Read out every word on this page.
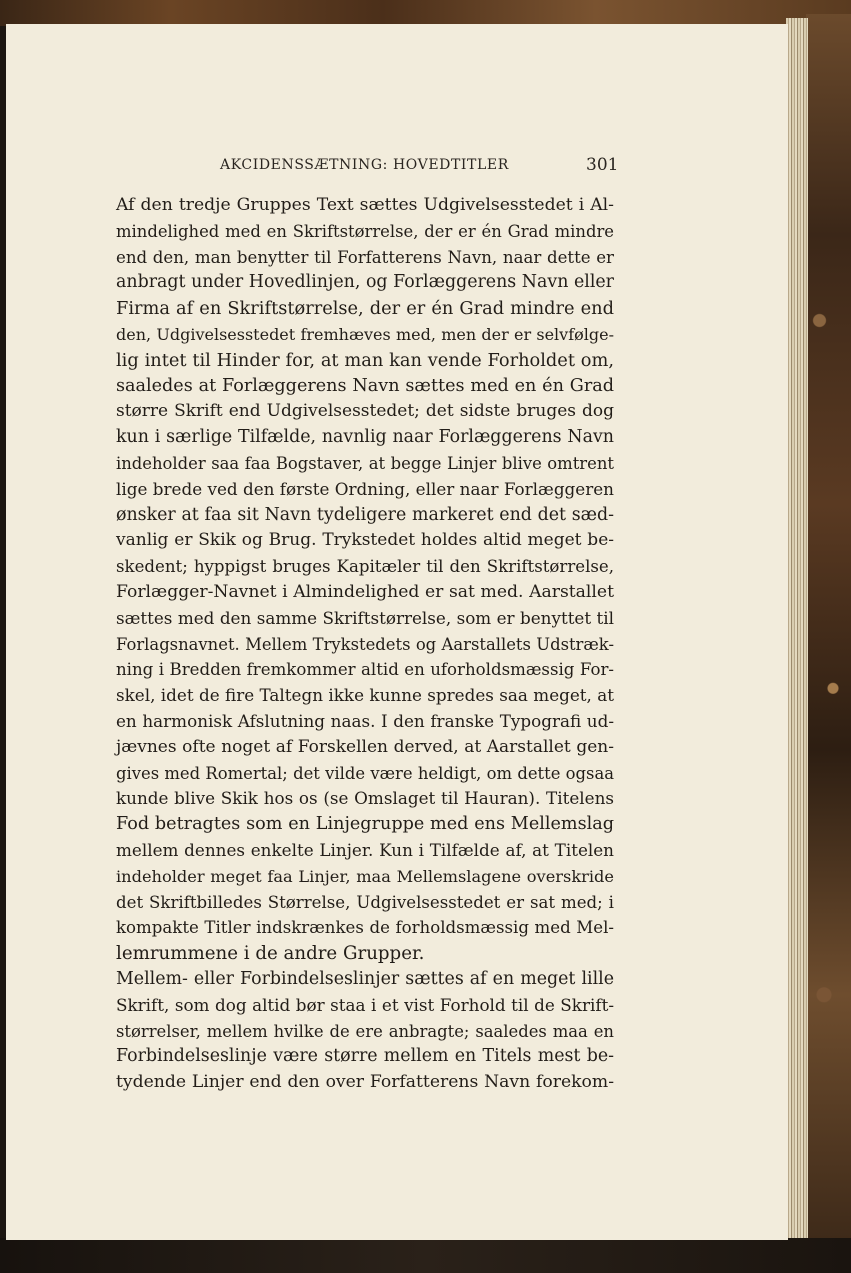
AKCIDENSSÆTNING: HOVEDTITLER	301
Af den tredje Gruppes Text sættes Udgivelsesstedet i Al-
mindelighed med en Skriftstørrelse, der er én Grad mindre
end den, man benytter til Forfatterens Navn, naar dette er
anbragt under Hovedlinjen, og Forlæggerens Navn eller
Firma af en Skriftstørrelse, der er én Grad mindre end
den, Udgivelsesstedet fremhæves med, men der er selvfølge-
lig intet til Hinder for, at man kan vende Forholdet om,
saaledes at Forlæggerens Navn sættes med en én Grad
større Skrift end Udgivelsesstedet; det sidste bruges dog
kun i særlige Tilfælde, navnlig naar Forlæggerens Navn
indeholder saa faa Bogstaver, at begge Linjer blive omtrent
lige brede ved den første Ordning, eller naar Forlæggeren
ønsker at faa sit Navn tydeligere markeret end det sæd-
vanlig er Skik og Brug. Trykstedet holdes altid meget be-
skedent; hyppigst bruges Kapitæler til den Skriftstørrelse,
Forlægger-Navnet i Almindelighed er sat med. Aarstallet
sættes med den samme Skriftstørrelse, som er benyttet til
Forlagsnavnet. Mellem Trykstedets og Aarstallets Udstræk-
ning i Bredden fremkommer altid en uforholdsmæssig For-
skel, idet de fire Taltegn ikke kunne spredes saa meget, at
en harmonisk Afslutning naas. I den franske Typografi ud-
jævnes ofte noget af Forskellen derved, at Aarstallet gen-
gives med Romertal; det vilde være heldigt, om dette ogsaa
kunde blive Skik hos os (se Omslaget til Hauran). Titelens
Fod betragtes som en Linjegruppe med ens Mellemslag
mellem dennes enkelte Linjer. Kun i Tilfælde af, at Titelen
indeholder meget faa Linjer, maa Mellemslagene overskride
det Skriftbilledes Størrelse, Udgivelsesstedet er sat med; i
kompakte Titler indskrænkes de forholdsmæssig med Mel-
lemrummene i de andre Grupper.
Mellem- eller Forbindelseslinjer sættes af en meget lille
Skrift, som dog altid bør staa i et vist Forhold til de Skrift-
størrelser, mellem hvilke de ere anbragte; saaledes maa en
Forbindelseslinje være større mellem en Titels mest be-
tydende Linjer end den over Forfatterens Navn forekom-
